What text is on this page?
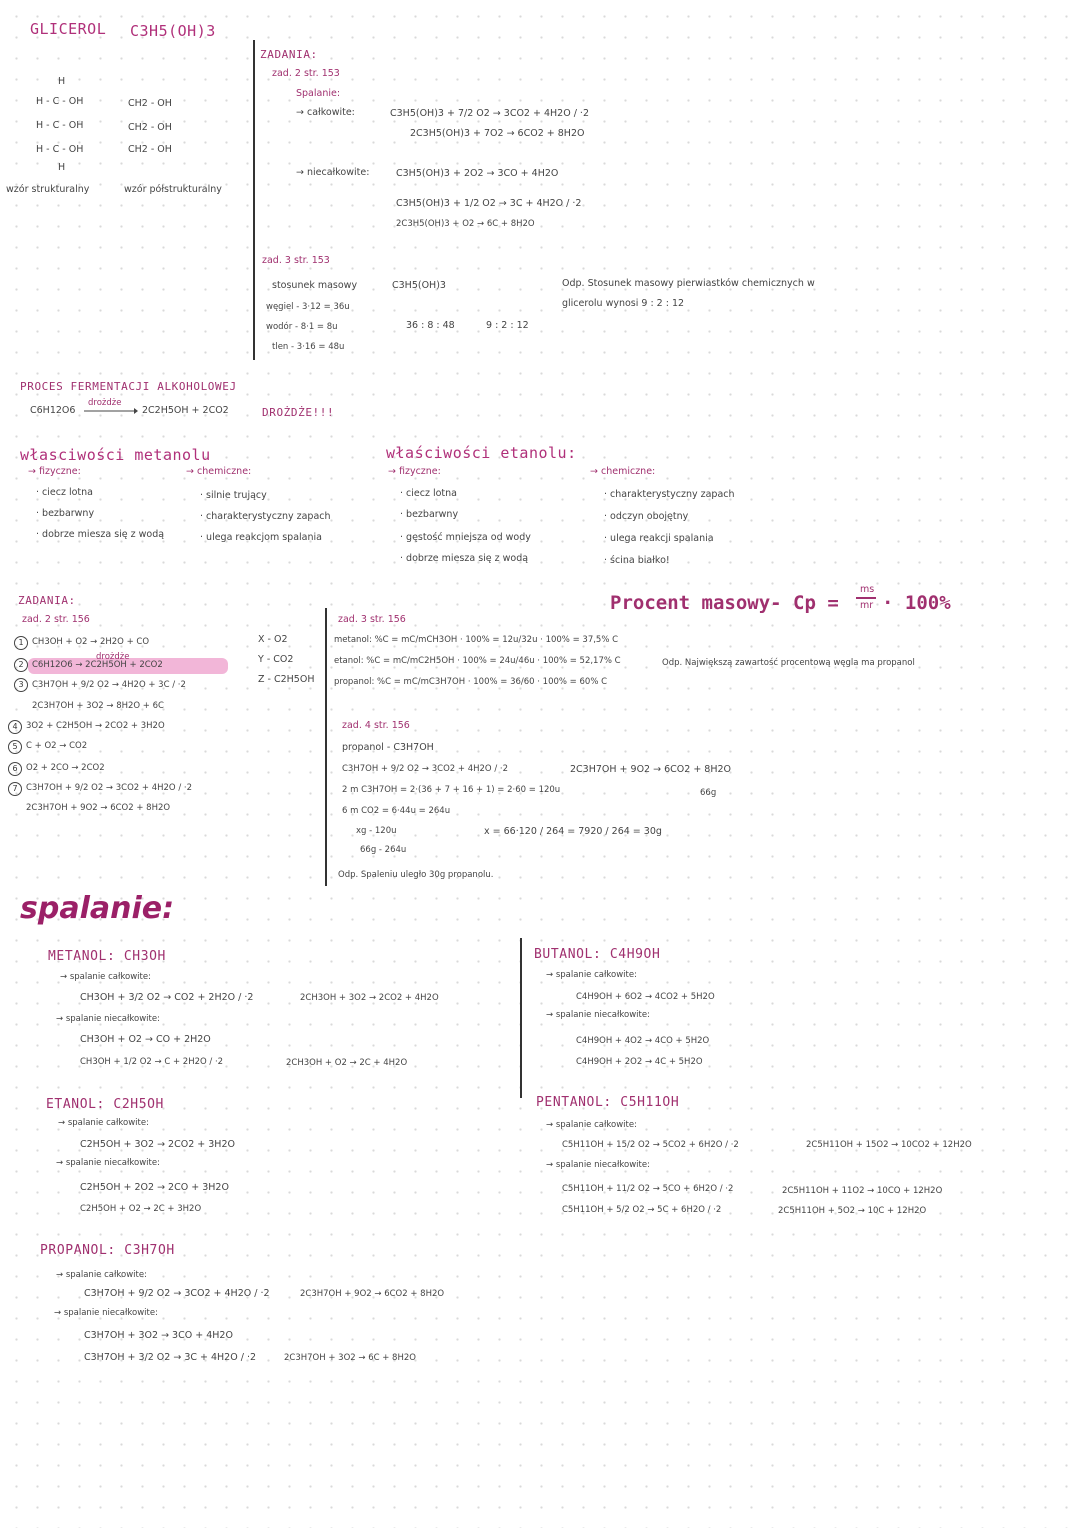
GLICEROL C3H5(OH)3
H
H - C - OH
H - C - OH
H - C - OH
H
CH2 - OH
CH2 - OH
CH2 - OH
wzór strukturalny	wzór półstrukturalny
ZADANIA:
zad. 2 str. 153
Spalanie:
→ całkowite:	C3H5(OH)3 + 7/2 O2 → 3CO2 + 4H2O / ·2
2C3H5(OH)3 + 7O2 → 6CO2 + 8H2O
→ niecałkowite:	C3H5(OH)3 + 2O2 → 3CO + 4H2O
C3H5(OH)3 + 1/2 O2 → 3C + 4H2O / ·2
2C3H5(OH)3 + O2 → 6C + 8H2O
zad. 3 str. 153
stosunek masowy	C3H5(OH)3
węgiel - 3·12 = 36u
wodór - 8·1 = 8u
tlen - 3·16 = 48u
36 : 8 : 48	9 : 2 : 12
Odp. Stosunek masowy pierwiastków chemicznych w
glicerolu wynosi 9 : 2 : 12
PROCES FERMENTACJI ALKOHOLOWEJ
C6H12O6
drożdże
2C2H5OH + 2CO2	DROŻDŻE!!!
własciwości metanolu
→ fizyczne:
· ciecz lotna
· bezbarwny
· dobrze miesza się z wodą
→ chemiczne:
· silnie trujący
· charakterystyczny zapach
· ulega reakcjom spalania
właściwości etanolu:
→ fizyczne:
· ciecz lotna
· bezbarwny
· gęstość mniejsza od wody
· dobrze miesza się z wodą
→ chemiczne:
· charakterystyczny zapach
· odczyn obojętny
· ulega reakcji spalania
· ścina białko!
Procent masowy- Cp =
ms
mr · 100%
ZADANIA:
zad. 2 str. 156
1
2
3
4
5
6
7
CH3OH + O2 → 2H2O + CO
C6H12O6 → 2C2H5OH + 2CO2
drożdże
C3H7OH + 9/2 O2 → 4H2O + 3C / ·2
2C3H7OH + 3O2 → 8H2O + 6C
3O2 + C2H5OH → 2CO2 + 3H2O
C + O2 → CO2
O2 + 2CO → 2CO2
C3H7OH + 9/2 O2 → 3CO2 + 4H2O / ·2
2C3H7OH + 9O2 → 6CO2 + 8H2O
X - O2
Y - CO2
Z - C2H5OH
zad. 3 str. 156
metanol: %C = mC/mCH3OH · 100% = 12u/32u · 100% = 37,5% C
etanol: %C = mC/mC2H5OH · 100% = 24u/46u · 100% = 52,17% C
propanol: %C = mC/mC3H7OH · 100% = 36/60 · 100% = 60% C
Odp. Największą zawartość procentową węgla ma propanol
zad. 4 str. 156
propanol - C3H7OH
C3H7OH + 9/2 O2 → 3CO2 + 4H2O / ·2
2 m C3H7OH = 2·(36 + 7 + 16 + 1) = 2·60 = 120u
6 m CO2 = 6·44u = 264u
xg - 120u
66g - 264u
x = 66·120 / 264 = 7920 / 264 = 30g
Odp. Spaleniu uległo 30g propanolu.
2C3H7OH + 9O2 → 6CO2 + 8H2O
66g
spalanie:
METANOL: CH3OH
→ spalanie całkowite:
CH3OH + 3/2 O2 → CO2 + 2H2O / ·2	2CH3OH + 3O2 → 2CO2 + 4H2O
→ spalanie niecałkowite:
CH3OH + O2 → CO + 2H2O
CH3OH + 1/2 O2 → C + 2H2O / ·2	2CH3OH + O2 → 2C + 4H2O
ETANOL: C2H5OH
→ spalanie całkowite:
C2H5OH + 3O2 → 2CO2 + 3H2O
→ spalanie niecałkowite:
C2H5OH + 2O2 → 2CO + 3H2O
C2H5OH + O2 → 2C + 3H2O
PROPANOL: C3H7OH
→ spalanie całkowite:
C3H7OH + 9/2 O2 → 3CO2 + 4H2O / ·2	2C3H7OH + 9O2 → 6CO2 + 8H2O
→ spalanie niecałkowite:
C3H7OH + 3O2 → 3CO + 4H2O
C3H7OH + 3/2 O2 → 3C + 4H2O / ·2	2C3H7OH + 3O2 → 6C + 8H2O
BUTANOL: C4H9OH
→ spalanie całkowite:
C4H9OH + 6O2 → 4CO2 + 5H2O
→ spalanie niecałkowite:
C4H9OH + 4O2 → 4CO + 5H2O
C4H9OH + 2O2 → 4C + 5H2O
PENTANOL: C5H11OH
→ spalanie całkowite:
C5H11OH + 15/2 O2 → 5CO2 + 6H2O / ·2	2C5H11OH + 15O2 → 10CO2 + 12H2O
→ spalanie niecałkowite:
C5H11OH + 11/2 O2 → 5CO + 6H2O / ·2	2C5H11OH + 11O2 → 10CO + 12H2O
C5H11OH + 5/2 O2 → 5C + 6H2O / ·2	2C5H11OH + 5O2 → 10C + 12H2O
